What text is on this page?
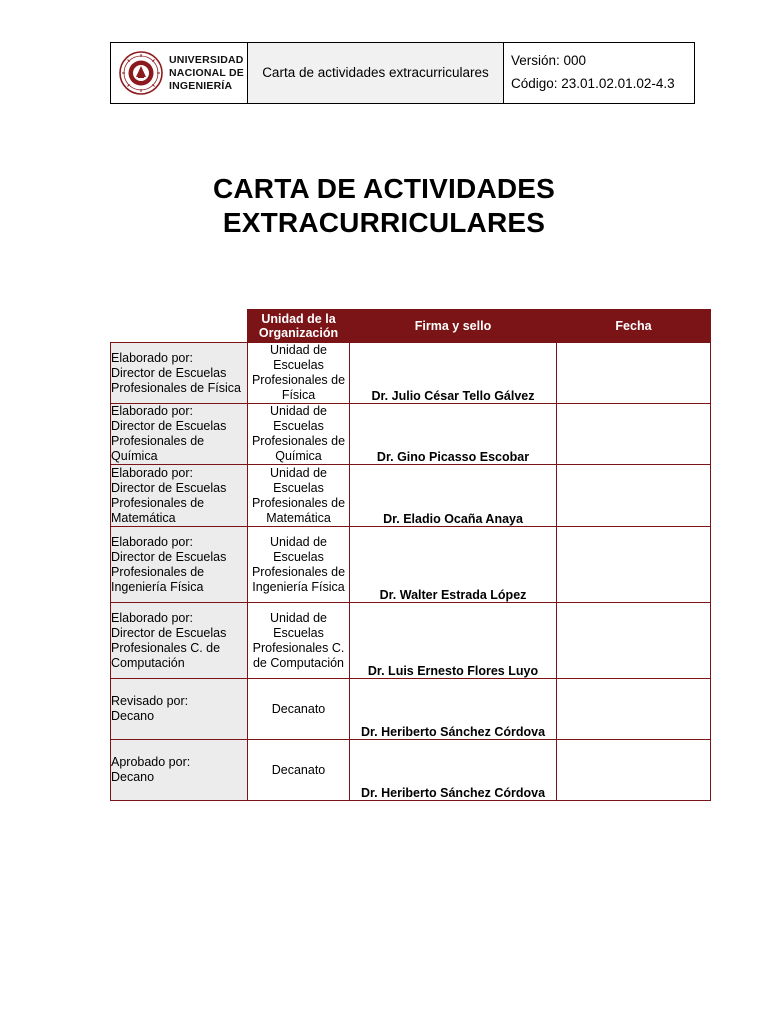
UNIVERSIDAD
NACIONAL DE
INGENIERÍA
Carta de actividades extracurriculares
Versión: 000
Código: 23.01.02.01.02-4.3
CARTA DE ACTIVIDADES
EXTRACURRICULARES
	Unidad de la Organización	Firma y sello	Fecha
Elaborado por:
Director de Escuelas Profesionales de Física	Unidad de Escuelas Profesionales de Física	Dr. Julio César Tello Gálvez	
Elaborado por:
Director de Escuelas Profesionales de Química	Unidad de Escuelas Profesionales de Química	Dr. Gino Picasso Escobar	
Elaborado por:
Director de Escuelas Profesionales de Matemática	Unidad de Escuelas Profesionales de Matemática	Dr. Eladio Ocaña Anaya	
Elaborado por:
Director de Escuelas Profesionales de Ingeniería Física	Unidad de Escuelas Profesionales de Ingeniería Física	Dr. Walter Estrada López	
Elaborado por:
Director de Escuelas Profesionales C. de Computación	Unidad de Escuelas Profesionales C. de Computación	Dr. Luis Ernesto Flores Luyo	
Revisado por:
Decano	Decanato	Dr. Heriberto Sánchez Córdova	
Aprobado por:
Decano	Decanato	Dr. Heriberto Sánchez Córdova	
